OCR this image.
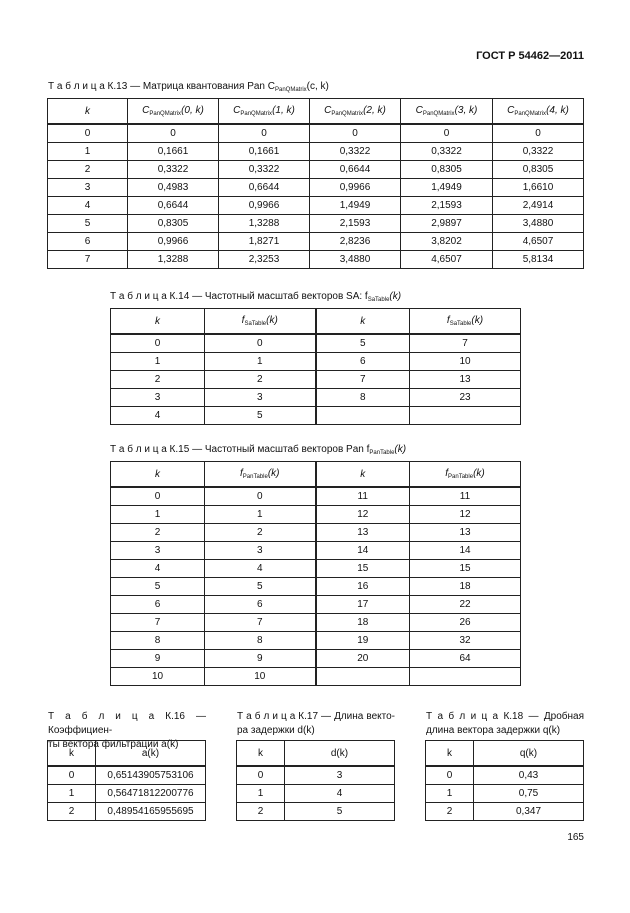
ГОСТ Р 54462—2011
Т а б л и ц а К.13 — Матрица квантования Pan $C_{PanQMatrix}(c$, k)
k	$C_{PanQMatrix}(0$, k)	$C_{PanQMatrix}(1$, k)	$C_{PanQMatrix}(2$, k)	$C_{PanQMatrix}(3$, k)	$C_{PanQMatrix}(4$, k)
0	0	0	0	0	0
1	0,1661	0,1661	0,3322	0,3322	0,3322
2	0,3322	0,3322	0,6644	0,8305	0,8305
3	0,4983	0,6644	0,9966	1,4949	1,6610
4	0,6644	0,9966	1,4949	2,1593	2,4914
5	0,8305	1,3288	2,1593	2,9897	3,4880
6	0,9966	1,8271	2,8236	3,8202	4,6507
7	1,3288	2,3253	3,4880	4,6507	5,8134
Т а б л и ц а К.14 — Частотный масштаб векторов SA: $f_{SaTable}(k)$
k	$f_{SaTable}(k)$	k	$f_{SaTable}(k)$
0	0	5	7
1	1	6	10
2	2	7	13
3	3	8	23
4	5		
Т а б л и ц а К.15 — Частотный масштаб векторов Pan $f_{PanTable}(k)$
k	$f_{PanTable}(k)$	k	$f_{PanTable}(k)$
0	0	11	11
1	1	12	12
2	2	13	13
3	3	14	14
4	4	15	15
5	5	16	18
6	6	17	22
7	7	18	26
8	8	19	32
9	9	20	64
10	10		
Т а б л и ц а К.16 — Коэффициен-
ты вектора фильтрации a(k)
k	a(k)
0	0,65143905753106
1	0,56471812200776
2	0,48954165955695
Т а б л и ц а К.17 — Длина векто-
ра задержки d(k)
k	d(k)
0	3
1	4
2	5
Т а б л и ц а К.18 — Дробная
длина вектора задержки q(k)
k	q(k)
0	0,43
1	0,75
2	0,347
165
